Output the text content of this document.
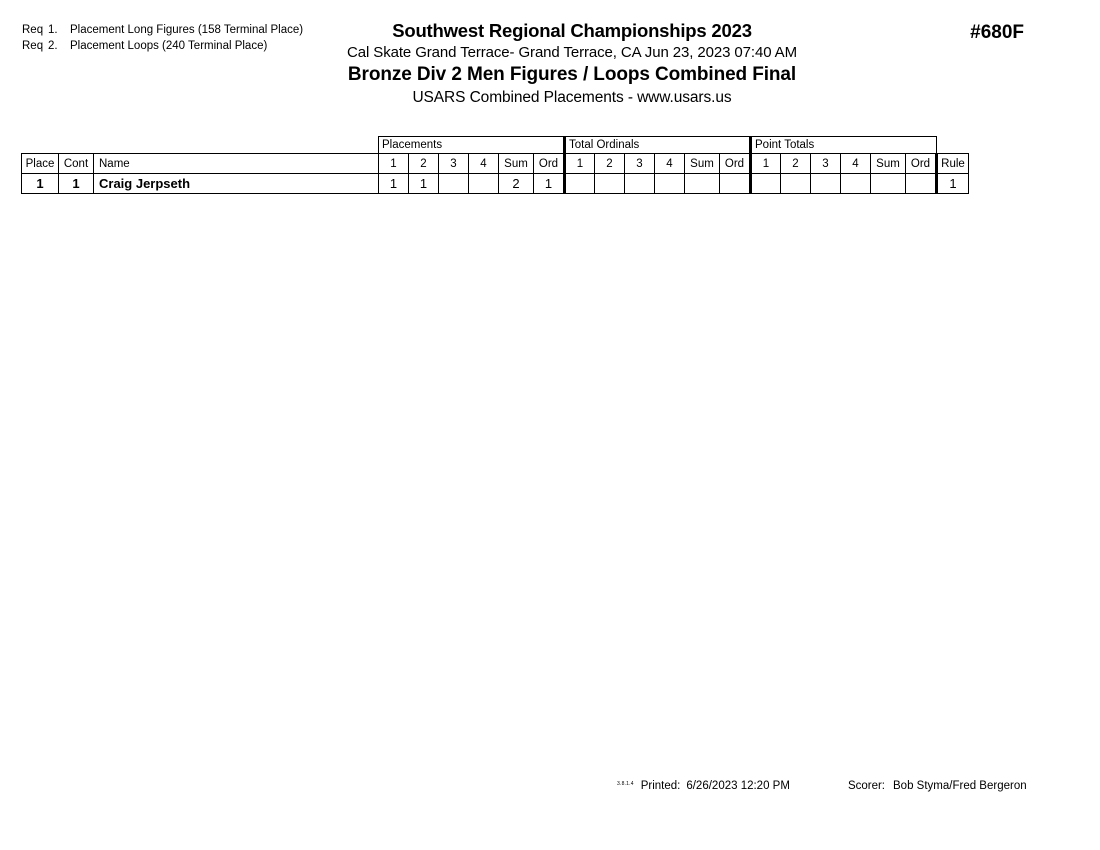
Req 1.	Placement Long Figures (158 Terminal Place)
Req 2.	Placement Loops (240 Terminal Place)
#680F
Southwest Regional Championships 2023
Cal Skate Grand Terrace- Grand Terrace, CA Jun 23, 2023 07:40 AM
Bronze Div 2 Men Figures / Loops Combined Final
USARS Combined Placements - www.usars.us
			Placements						Total Ordinals						Point Totals						
Place	Cont	Name	1	2	3	4	Sum	Ord	1	2	3	4	Sum	Ord	1	2	3	4	Sum	Ord	Rule
1	1	Craig Jerpseth	1	1			2	1													1
3.8.1.4 Printed: 6/26/2023 12:20 PM	Scorer: Bob Styma/Fred Bergeron
